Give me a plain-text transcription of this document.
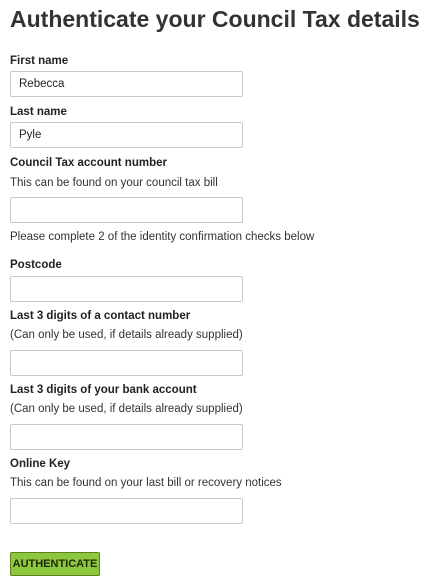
Authenticate your Council Tax details
First name
Rebecca
Last name
Pyle
Council Tax account number
This can be found on your council tax bill
Please complete 2 of the identity confirmation checks below
Postcode
Last 3 digits of a contact number
(Can only be used, if details already supplied)
Last 3 digits of your bank account
(Can only be used, if details already supplied)
Online Key
This can be found on your last bill or recovery notices
AUTHENTICATE
